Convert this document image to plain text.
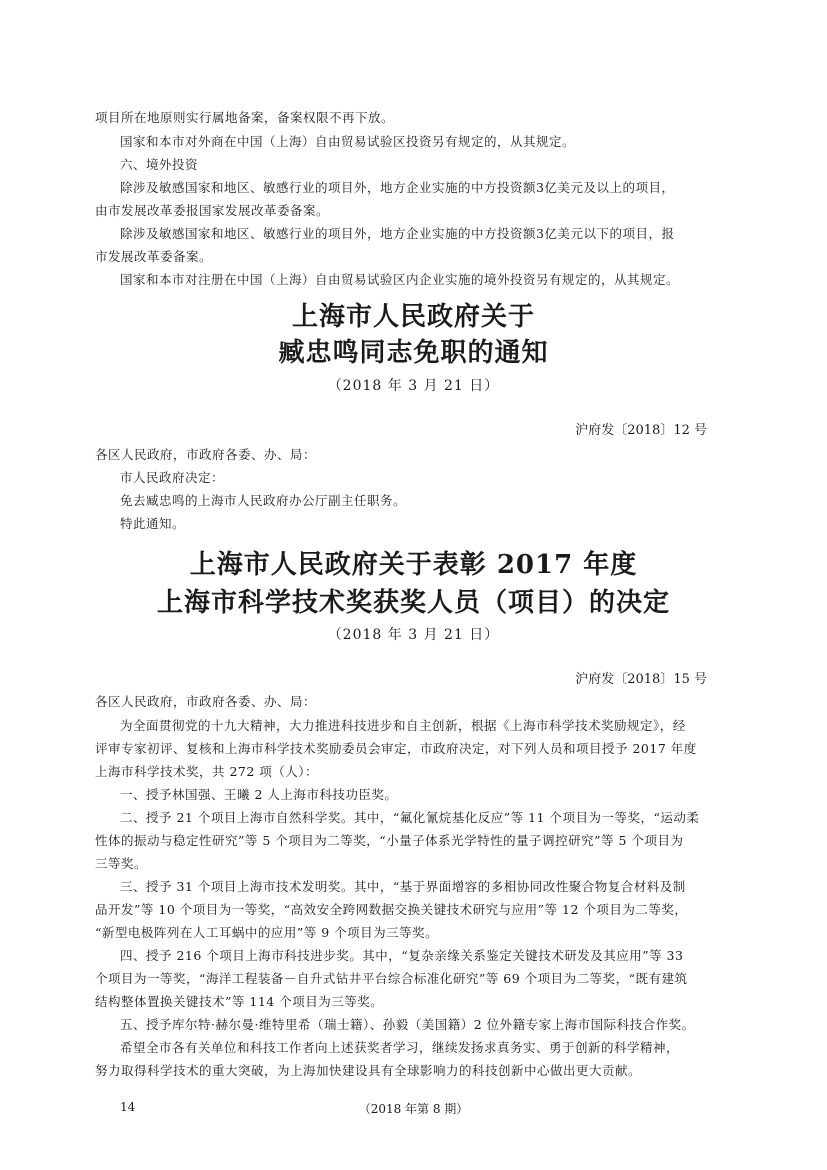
项目所在地原则实行属地备案，备案权限不再下放。
国家和本市对外商在中国（上海）自由贸易试验区投资另有规定的，从其规定。
六、境外投资
除涉及敏感国家和地区、敏感行业的项目外，地方企业实施的中方投资额3亿美元及以上的项目，
由市发展改革委报国家发展改革委备案。
除涉及敏感国家和地区、敏感行业的项目外，地方企业实施的中方投资额3亿美元以下的项目，报
市发展改革委备案。
国家和本市对注册在中国（上海）自由贸易试验区内企业实施的境外投资另有规定的，从其规定。
上海市人民政府关于
臧忠鸣同志免职的通知
（2018 年 3 月 21 日）
沪府发〔2018〕12 号
各区人民政府，市政府各委、办、局：
市人民政府决定：
免去臧忠鸣的上海市人民政府办公厅副主任职务。
特此通知。
上海市人民政府关于表彰 2017 年度
上海市科学技术奖获奖人员（项目）的决定
（2018 年 3 月 21 日）
沪府发〔2018〕15 号
各区人民政府，市政府各委、办、局：
为全面贯彻党的十九大精神，大力推进科技进步和自主创新，根据《上海市科学技术奖励规定》，经
评审专家初评、复核和上海市科学技术奖励委员会审定，市政府决定，对下列人员和项目授予 2017 年度
上海市科学技术奖，共 272 项（人）：
一、授予林国强、王曦 2 人上海市科技功臣奖。
二、授予 21 个项目上海市自然科学奖。其中，“氟化氰烷基化反应”等 11 个项目为一等奖，“运动柔
性体的振动与稳定性研究”等 5 个项目为二等奖，“小量子体系光学特性的量子调控研究”等 5 个项目为
三等奖。
三、授予 31 个项目上海市技术发明奖。其中，“基于界面增容的多相协同改性聚合物复合材料及制
品开发”等 10 个项目为一等奖，“高效安全跨网数据交换关键技术研究与应用”等 12 个项目为二等奖，
“新型电极阵列在人工耳蜗中的应用”等 9 个项目为三等奖。
四、授予 216 个项目上海市科技进步奖。其中，“复杂亲缘关系鉴定关键技术研发及其应用”等 33
个项目为一等奖，“海洋工程装备－自升式钻井平台综合标准化研究”等 69 个项目为二等奖，“既有建筑
结构整体置换关键技术”等 114 个项目为三等奖。
五、授予库尔特·赫尔曼·维特里希（瑞士籍）、孙毅（美国籍）2 位外籍专家上海市国际科技合作奖。
希望全市各有关单位和科技工作者向上述获奖者学习，继续发扬求真务实、勇于创新的科学精神，
努力取得科学技术的重大突破，为上海加快建设具有全球影响力的科技创新中心做出更大贡献。
14	（2018 年第 8 期）
